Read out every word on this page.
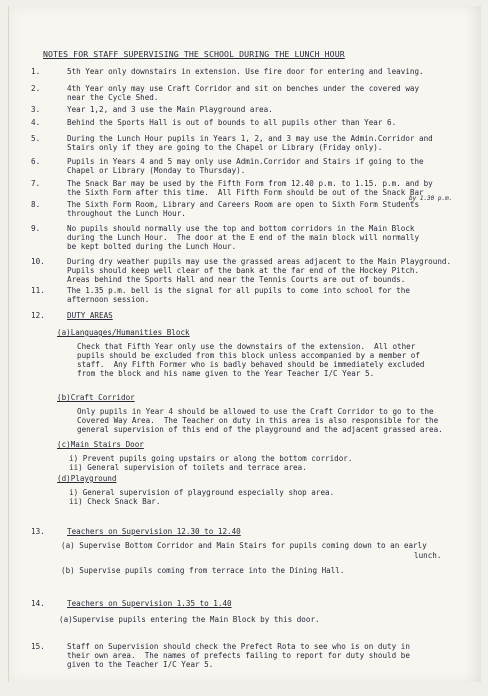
NOTES FOR STAFF SUPERVISING THE SCHOOL DURING THE LUNCH HOUR
1.	5th Year only downstairs in extension. Use fire door for entering and leaving.
2.	4th Year only may use Craft Corridor and sit on benches under the covered way
near the Cycle Shed.
3.	Year 1,2, and 3 use the Main Playground area.
4.	Behind the Sports Hall is out of bounds to all pupils other than Year 6.
5.	During the Lunch Hour pupils in Years 1, 2, and 3 may use the Admin.Corridor and
Stairs only if they are going to the Chapel or Library (Friday only).
6.	Pupils in Years 4 and 5 may only use Admin.Corridor and Stairs if going to the
Chapel or Library (Monday to Thursday).
7.	The Snack Bar may be used by the Fifth Form from 12.40 p.m. to 1.15. p.m. and by
the Sixth Form after this time.  All Fifth Form should be out of the Snack Bar
8.	The Sixth Form Room, Library and Careers Room are open to Sixth Form Students
throughout the Lunch Hour.
9.	No pupils should normally use the top and bottom corridors in the Main Block
during the Lunch Hour.  The door at the E end of the main block will normally
be kept bolted during the Lunch Hour.
10.	During dry weather pupils may use the grassed areas adjacent to the Main Playground.
Pupils should keep well clear of the bank at the far end of the Hockey Pitch.
Areas behind the Sports Hall and near the Tennis Courts are out of bounds.
11.	The 1.35 p.m. bell is the signal for all pupils to come into school for the
afternoon session.
12.	DUTY AREAS
by 1.30 p.m.
(a)Languages/Humanities Block
Check that Fifth Year only use the downstairs of the extension.  All other
pupils should be excluded from this block unless accompanied by a member of
staff.  Any Fifth Former who is badly behaved should be immediately excluded
from the block and his name given to the Year Teacher I/C Year 5.
(b)Craft Corridor
Only pupils in Year 4 should be allowed to use the Craft Corridor to go to the
Covered Way Area.  The Teacher on duty in this area is also responsible for the
general supervision of this end of the playground and the adjacent grassed area.
(c)Main Stairs Door
i) Prevent pupils going upstairs or along the bottom corridor.
ii) General supervision of toilets and terrace area.
(d)Playground
i) General supervision of playground especially shop area.
ii) Check Snack Bar.
13.	Teachers on Supervision 12.30 to 12.40
(a) Supervise Bottom Corridor and Main Stairs for pupils coming down to an early
lunch.
(b) Supervise pupils coming from terrace into the Dining Hall.
14.	Teachers on Supervision 1.35 to 1.40
(a)Supervise pupils entering the Main Block by this door.
15.	Staff on Supervision should check the Prefect Rota to see who is on duty in
their own area.  The names of prefects failing to report for duty should be
given to the Teacher I/C Year 5.
